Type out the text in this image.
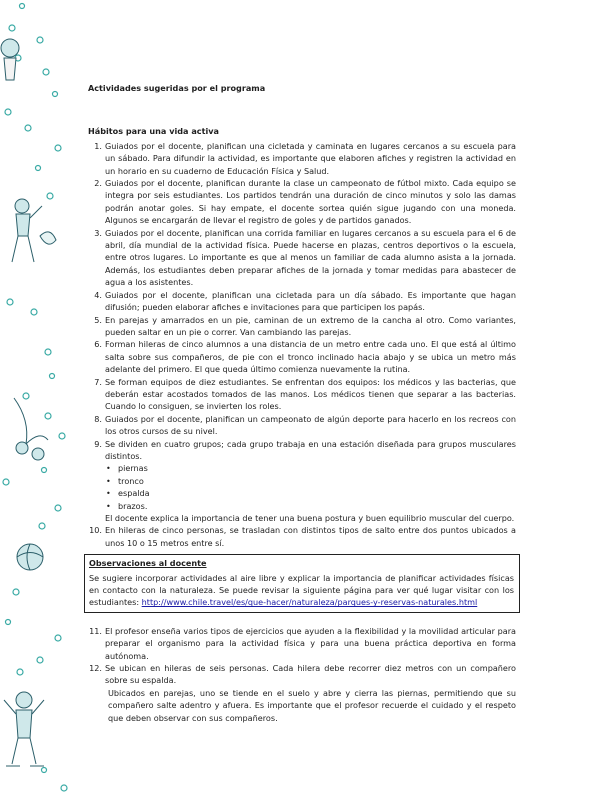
Actividades sugeridas por el programa

Hábitos para una vida activa

1. Guiados por el docente, planifican una cicletada y caminata en lugares cercanos a su escuela para un sábado. Para difundir la actividad, es importante que elaboren afiches y registren la actividad en un horario en su cuaderno de Educación Física y Salud.
2. Guiados por el docente, planifican durante la clase un campeonato de fútbol mixto. Cada equipo se integra por seis estudiantes. Los partidos tendrán una duración de cinco minutos y solo las damas podrán anotar goles. Si hay empate, el docente sortea quién sigue jugando con una moneda. Algunos se encargarán de llevar el registro de goles y de partidos ganados.
3. Guiados por el docente, planifican una corrida familiar en lugares cercanos a su escuela para el 6 de abril, día mundial de la actividad física. Puede hacerse en plazas, centros deportivos o la escuela, entre otros lugares. Lo importante es que al menos un familiar de cada alumno asista a la jornada. Además, los estudiantes deben preparar afiches de la jornada y tomar medidas para abastecer de agua a los asistentes.
4. Guiados por el docente, planifican una cicletada para un día sábado. Es importante que hagan difusión; pueden elaborar afiches e invitaciones para que participen los papás.
5. En parejas y amarrados en un pie, caminan de un extremo de la cancha al otro. Como variantes, pueden saltar en un pie o correr. Van cambiando las parejas.
6. Forman hileras de cinco alumnos a una distancia de un metro entre cada uno. El que está al último salta sobre sus compañeros, de pie con el tronco inclinado hacia abajo y se ubica un metro más adelante del primero. El que queda último comienza nuevamente la rutina.
7. Se forman equipos de diez estudiantes. Se enfrentan dos equipos: los médicos y las bacterias, que deberán estar acostados tomados de las manos. Los médicos tienen que separar a las bacterias. Cuando lo consiguen, se invierten los roles.
8. Guiados por el docente, planifican un campeonato de algún deporte para hacerlo en los recreos con los otros cursos de su nivel.
9. Se dividen en cuatro grupos; cada grupo trabaja en una estación diseñada para grupos musculares distintos.
• piernas
• tronco
• espalda
• brazos.
El docente explica la importancia de tener una buena postura y buen equilibrio muscular del cuerpo.
10. En hileras de cinco personas, se trasladan con distintos tipos de salto entre dos puntos ubicados a unos 10 o 15 metros entre sí.
Observaciones al docente
Se sugiere incorporar actividades al aire libre y explicar la importancia de planificar actividades físicas en contacto con la naturaleza. Se puede revisar la siguiente página para ver qué lugar visitar con los estudiantes: http://www.chile.travel/es/que-hacer/naturaleza/parques-y-reservas-naturales.html
11. El profesor enseña varios tipos de ejercicios que ayuden a la flexibilidad y la movilidad articular para preparar el organismo para la actividad física y para una buena práctica deportiva en forma autónoma.
12. Se ubican en hileras de seis personas. Cada hilera debe recorrer diez metros con un compañero sobre su espalda.
Ubicados en parejas, uno se tiende en el suelo y abre y cierra las piernas, permitiendo que su compañero salte adentro y afuera. Es importante que el profesor recuerde el cuidado y el respeto que deben observar con sus compañeros.
